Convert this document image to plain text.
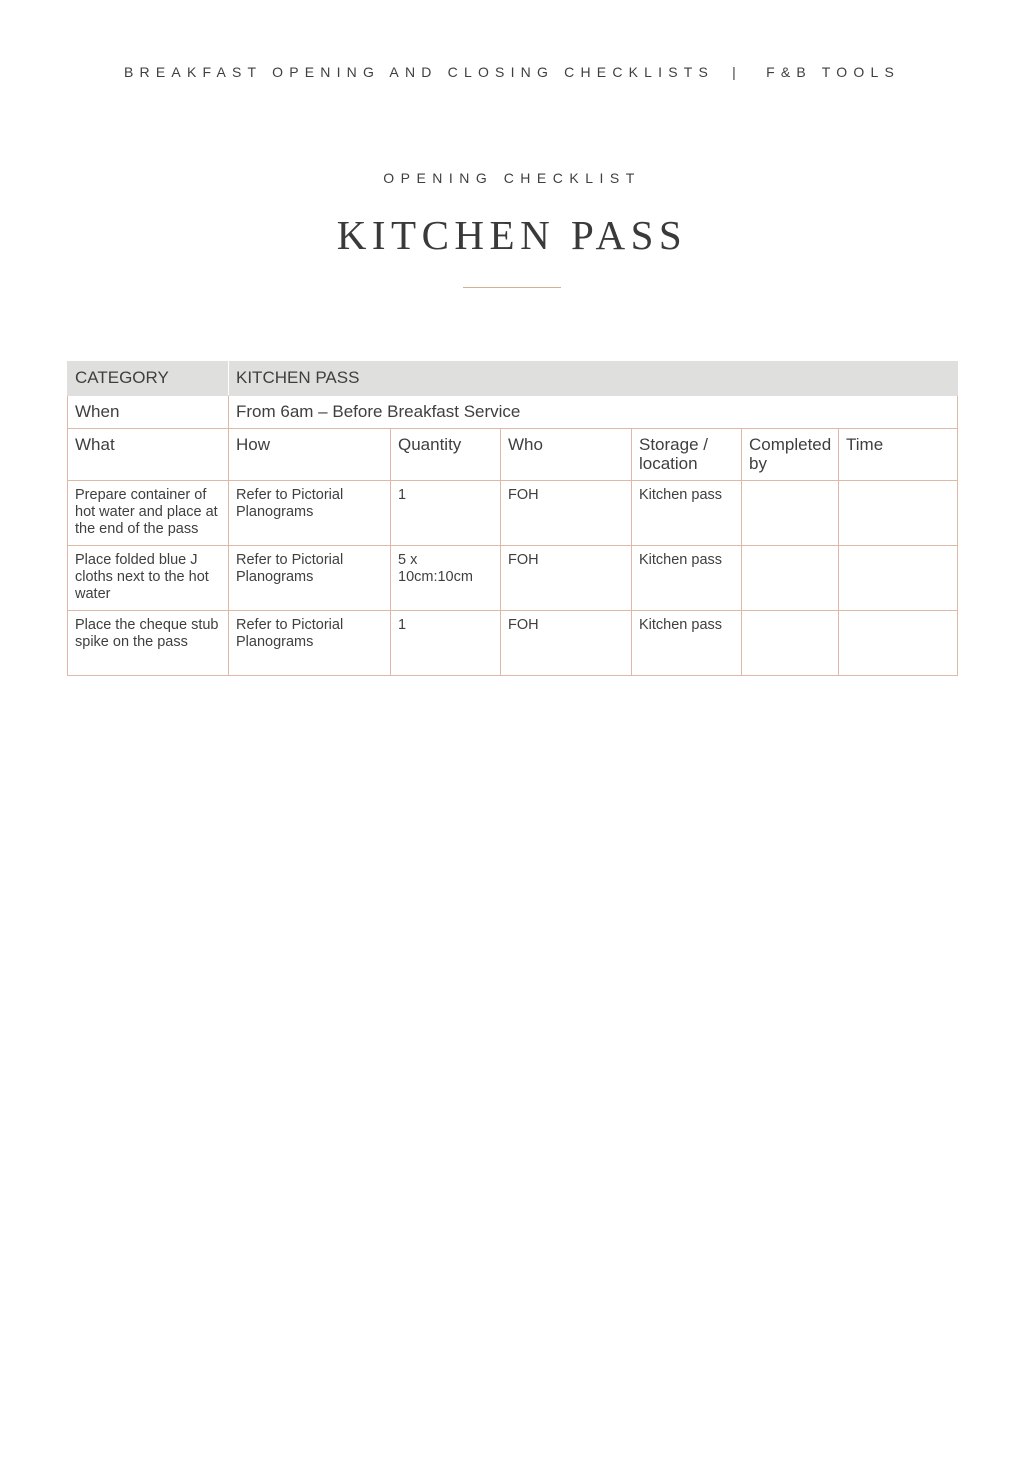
BREAKFAST OPENING AND CLOSING CHECKLISTS | F&B TOOLS
OPENING CHECKLIST
KITCHEN PASS
CATEGORY	KITCHEN PASS					
When	From 6am – Before Breakfast Service					
What	How	Quantity	Who	Storage / location	Completed by	Time
Prepare container of hot water and place at the end of the pass	Refer to Pictorial Planograms	1	FOH	Kitchen pass		
Place folded blue J cloths next to the hot water	Refer to Pictorial Planograms	5 x 10cm:10cm	FOH	Kitchen pass		
Place the cheque stub spike on the pass	Refer to Pictorial Planograms	1	FOH	Kitchen pass		
